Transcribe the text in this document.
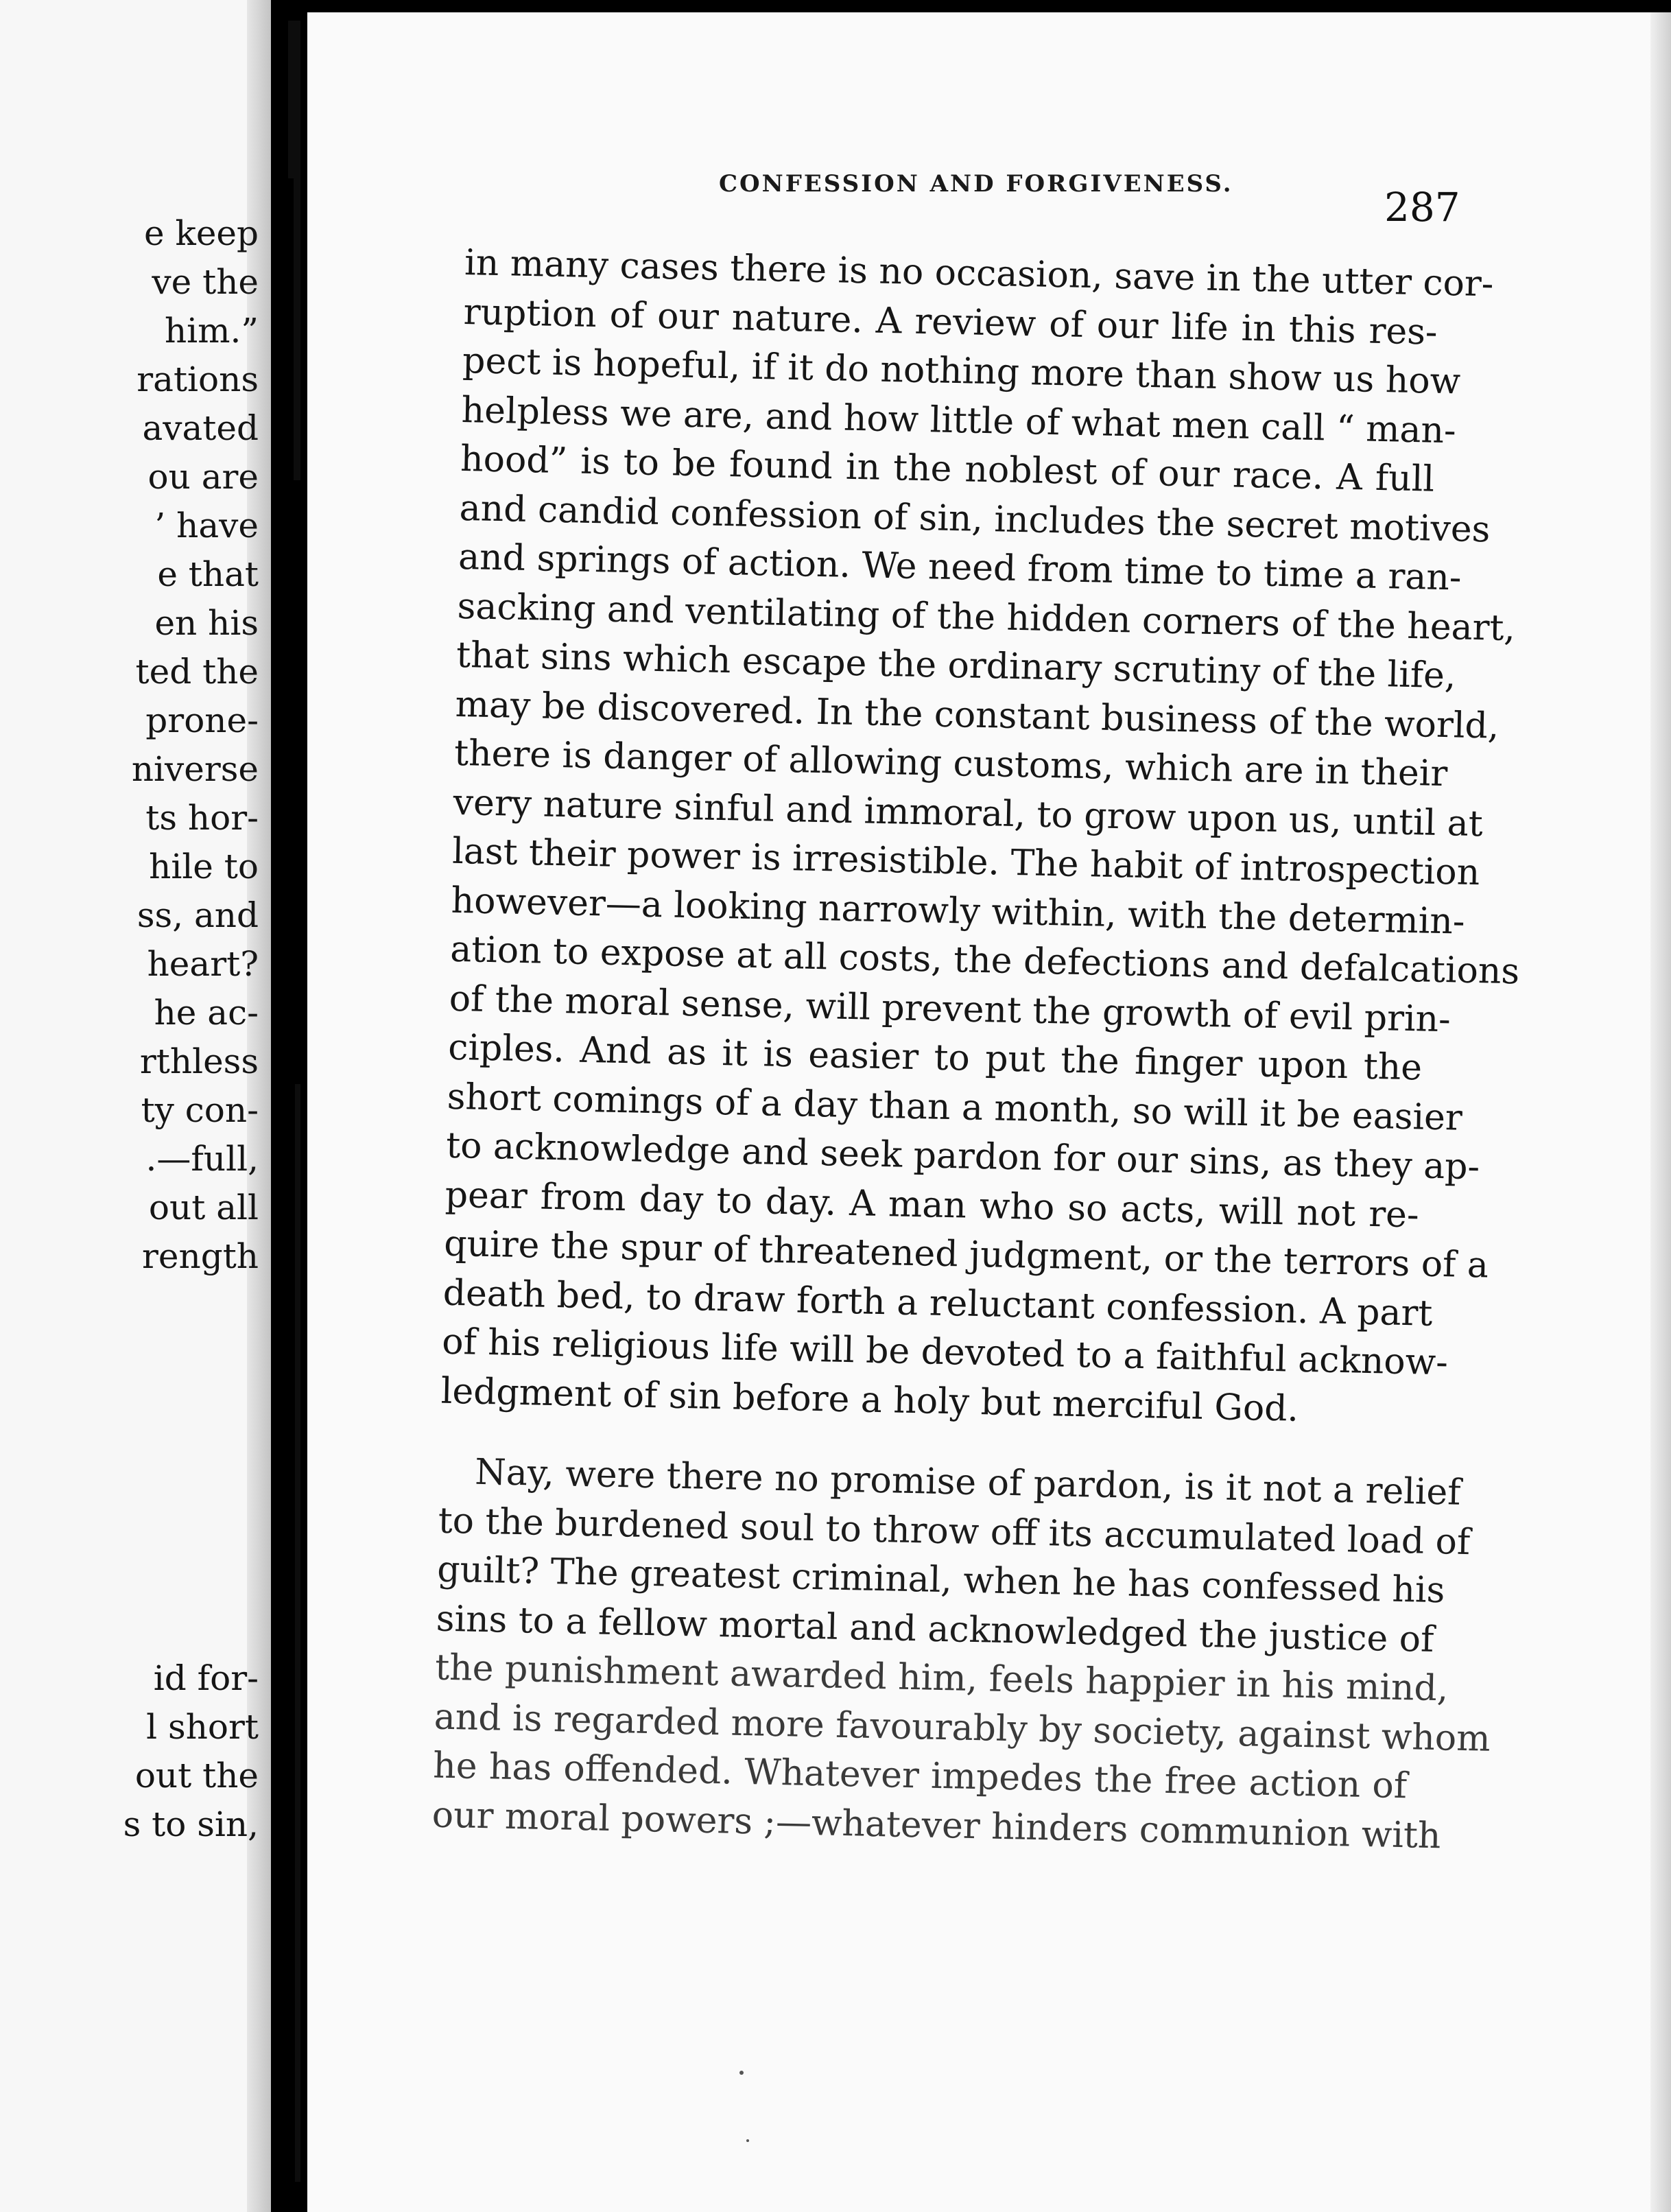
e keep
ve the
him.”
rations
avated
ou are
’ have
e that
en his
ted the
prone-
niverse
ts hor-
hile to
ss, and
heart?
he ac-
rthless
ty con-
.—full,
out all
rength
id for-
l short
out the
s to sin,
CONFESSION AND FORGIVENESS.	287
in many cases there is no occasion, save in the utter cor-
ruption of our nature. A review of our life in this res-
pect is hopeful, if it do nothing more than show us how
helpless we are, and how little of what men call “ man-
hood” is to be found in the noblest of our race. A full
and candid confession of sin, includes the secret motives
and springs of action. We need from time to time a ran-
sacking and ventilating of the hidden corners of the heart,
that sins which escape the ordinary scrutiny of the life,
may be discovered. In the constant business of the world,
there is danger of allowing customs, which are in their
very nature sinful and immoral, to grow upon us, until at
last their power is irresistible. The habit of introspection
however—a looking narrowly within, with the determin-
ation to expose at all costs, the defections and defalcations
of the moral sense, will prevent the growth of evil prin-
ciples. And as it is easier to put the finger upon the
short comings of a day than a month, so will it be easier
to acknowledge and seek pardon for our sins, as they ap-
pear from day to day. A man who so acts, will not re-
quire the spur of threatened judgment, or the terrors of a
death bed, to draw forth a reluctant confession. A part
of his religious life will be devoted to a faithful acknow-
ledgment of sin before a holy but merciful God.
Nay, were there no promise of pardon, is it not a relief
to the burdened soul to throw off its accumulated load of
guilt? The greatest criminal, when he has confessed his
sins to a fellow mortal and acknowledged the justice of
the punishment awarded him, feels happier in his mind,
and is regarded more favourably by society, against whom
he has offended. Whatever impedes the free action of
our moral powers ;—whatever hinders communion with
